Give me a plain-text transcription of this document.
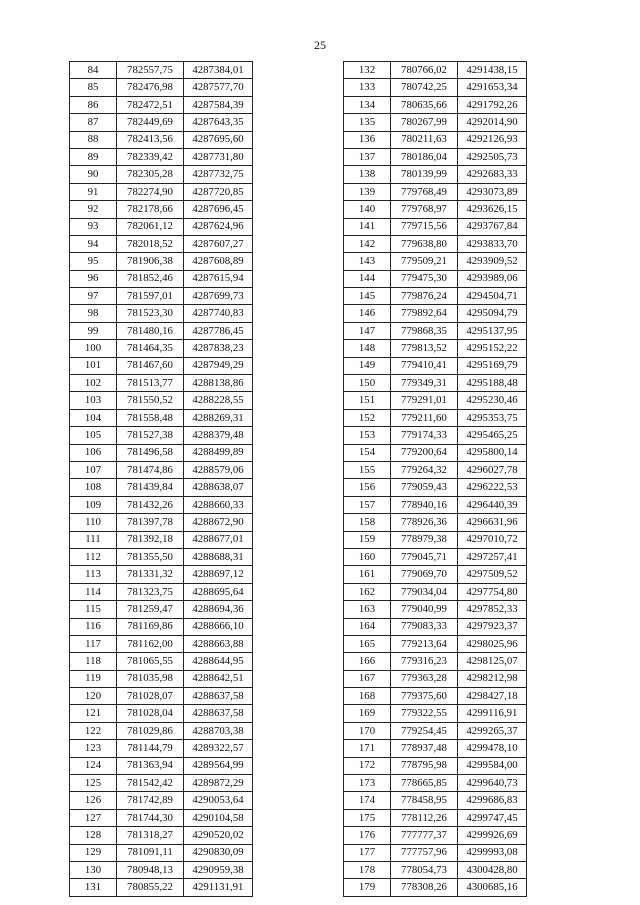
25
84	782557,75	4287384,01
85	782476,98	4287577,70
86	782472,51	4287584,39
87	782449,69	4287643,35
88	782413,56	4287695,60
89	782339,42	4287731,80
90	782305,28	4287732,75
91	782274,90	4287720,85
92	782178,66	4287696,45
93	782061,12	4287624,96
94	782018,52	4287607,27
95	781906,38	4287608,89
96	781852,46	4287615,94
97	781597,01	4287699,73
98	781523,30	4287740,83
99	781480,16	4287786,45
100	781464,35	4287838,23
101	781467,60	4287949,29
102	781513,77	4288138,86
103	781550,52	4288228,55
104	781558,48	4288269,31
105	781527,38	4288379,48
106	781496,58	4288499,89
107	781474,86	4288579,06
108	781439,84	4288638,07
109	781432,26	4288660,33
110	781397,78	4288672,90
111	781392,18	4288677,01
112	781355,50	4288688,31
113	781331,32	4288697,12
114	781323,75	4288695,64
115	781259,47	4288694,36
116	781169,86	4288666,10
117	781162,00	4288663,88
118	781065,55	4288644,95
119	781035,98	4288642,51
120	781028,07	4288637,58
121	781028,04	4288637,58
122	781029,86	4288703,38
123	781144,79	4289322,57
124	781363,94	4289564,99
125	781542,42	4289872,29
126	781742,89	4290053,64
127	781744,30	4290104,58
128	781318,27	4290520,02
129	781091,11	4290830,09
130	780948,13	4290959,38
131	780855,22	4291131,91
132	780766,02	4291438,15
133	780742,25	4291653,34
134	780635,66	4291792,26
135	780267,99	4292014,90
136	780211,63	4292126,93
137	780186,04	4292505,73
138	780139,99	4292683,33
139	779768,49	4293073,89
140	779768,97	4293626,15
141	779715,56	4293767,84
142	779638,80	4293833,70
143	779509,21	4293909,52
144	779475,30	4293989,06
145	779876,24	4294504,71
146	779892,64	4295094,79
147	779868,35	4295137,95
148	779813,52	4295152,22
149	779410,41	4295169,79
150	779349,31	4295188,48
151	779291,01	4295230,46
152	779211,60	4295353,75
153	779174,33	4295465,25
154	779200,64	4295800,14
155	779264,32	4296027,78
156	779059,43	4296222,53
157	778940,16	4296440,39
158	778926,36	4296631,96
159	778979,38	4297010,72
160	779045,71	4297257,41
161	779069,70	4297509,52
162	779034,04	4297754,80
163	779040,99	4297852,33
164	779083,33	4297923,37
165	779213,64	4298025,96
166	779316,23	4298125,07
167	779363,28	4298212,98
168	779375,60	4298427,18
169	779322,55	4299116,91
170	779254,45	4299265,37
171	778937,48	4299478,10
172	778795,98	4299584,00
173	778665,85	4299640,73
174	778458,95	4299686,83
175	778112,26	4299747,45
176	777777,37	4299926,69
177	777757,96	4299993,08
178	778054,73	4300428,80
179	778308,26	4300685,16
